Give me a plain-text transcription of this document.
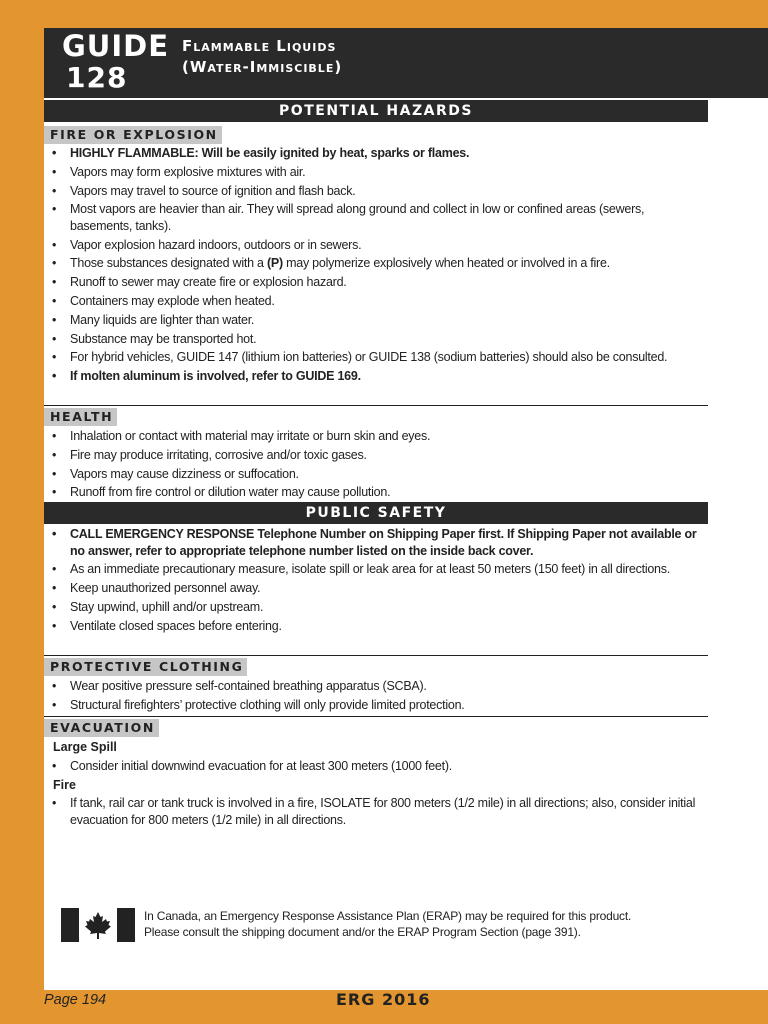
GUIDE
128
Flammable Liquids
(Water-Immiscible)
POTENTIAL HAZARDS
FIRE OR EXPLOSION
• HIGHLY FLAMMABLE: Will be easily ignited by heat, sparks or flames.
• Vapors may form explosive mixtures with air.
• Vapors may travel to source of ignition and flash back.
• Most vapors are heavier than air. They will spread along ground and collect in low or confined areas (sewers, basements, tanks).
• Vapor explosion hazard indoors, outdoors or in sewers.
• Those substances designated with a (P) may polymerize explosively when heated or involved in a fire.
• Runoff to sewer may create fire or explosion hazard.
• Containers may explode when heated.
• Many liquids are lighter than water.
• Substance may be transported hot.
• For hybrid vehicles, GUIDE 147 (lithium ion batteries) or GUIDE 138 (sodium batteries) should also be consulted.
• If molten aluminum is involved, refer to GUIDE 169.
HEALTH
• Inhalation or contact with material may irritate or burn skin and eyes.
• Fire may produce irritating, corrosive and/or toxic gases.
• Vapors may cause dizziness or suffocation.
• Runoff from fire control or dilution water may cause pollution.
PUBLIC SAFETY
• CALL EMERGENCY RESPONSE Telephone Number on Shipping Paper first. If Shipping Paper not available or no answer, refer to appropriate telephone number listed on the inside back cover.
• As an immediate precautionary measure, isolate spill or leak area for at least 50 meters (150 feet) in all directions.
• Keep unauthorized personnel away.
• Stay upwind, uphill and/or upstream.
• Ventilate closed spaces before entering.
PROTECTIVE CLOTHING
• Wear positive pressure self-contained breathing apparatus (SCBA).
• Structural firefighters’ protective clothing will only provide limited protection.
EVACUATION
Large Spill
• Consider initial downwind evacuation for at least 300 meters (1000 feet).
Fire
• If tank, rail car or tank truck is involved in a fire, ISOLATE for 800 meters (1/2 mile) in all directions; also, consider initial evacuation for 800 meters (1/2 mile) in all directions.
In Canada, an Emergency Response Assistance Plan (ERAP) may be required for this product.
Please consult the shipping document and/or the ERAP Program Section (page 391).
Page 194	ERG 2016
